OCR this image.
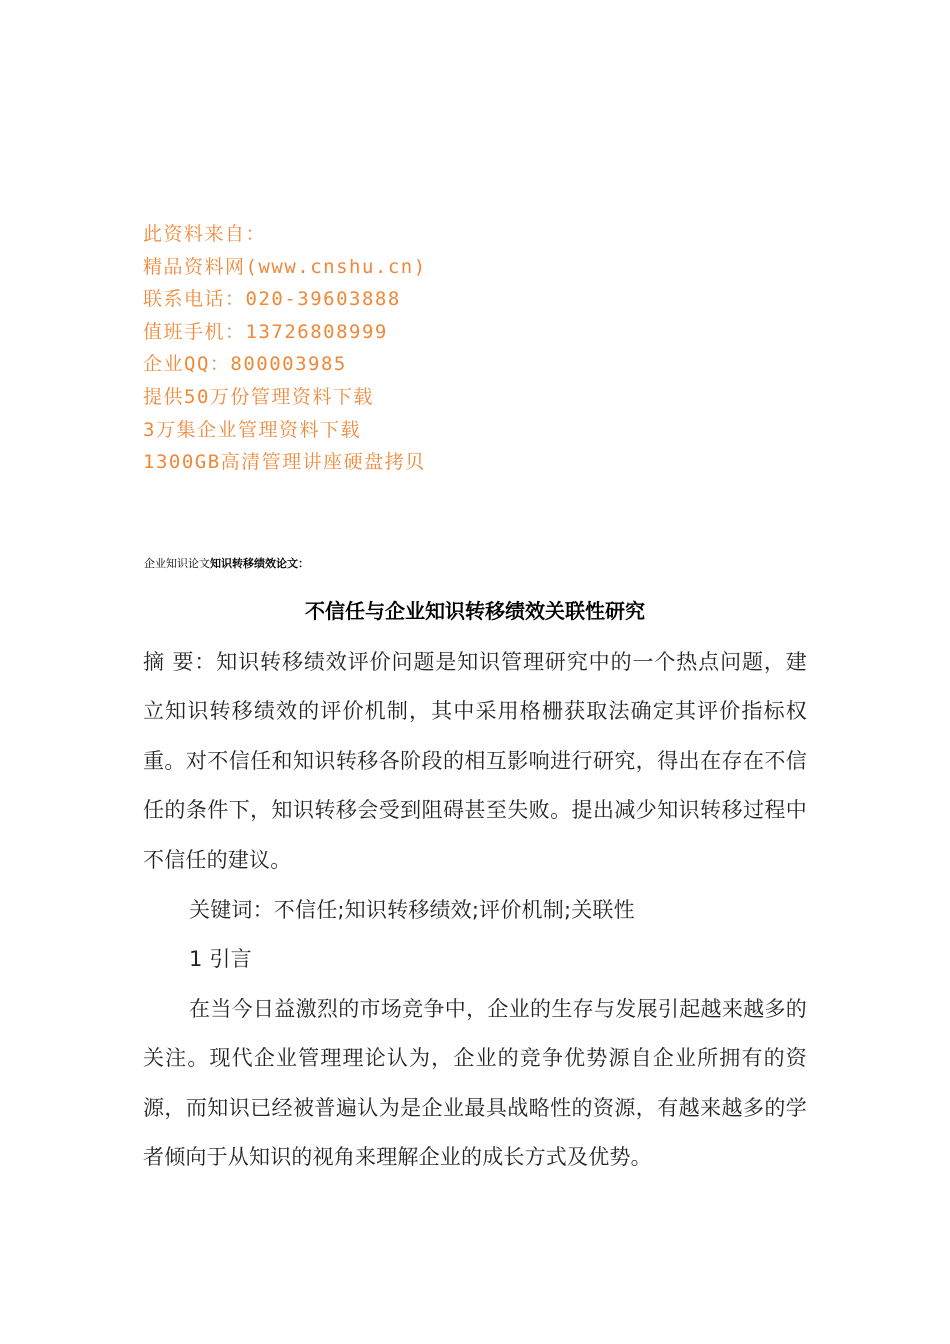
此资料来自：
精品资料网(www.cnshu.cn)
联系电话：020-39603888
值班手机：13726808999
企业QQ：800003985
提供50万份管理资料下载
3万集企业管理资料下载
1300GB高清管理讲座硬盘拷贝
企业知识论文知识转移绩效论文：
不信任与企业知识转移绩效关联性研究
摘 要：知识转移绩效评价问题是知识管理研究中的一个热点问题，建立知识转移绩效的评价机制，其中采用格栅获取法确定其评价指标权重。对不信任和知识转移各阶段的相互影响进行研究，得出在存在不信任的条件下，知识转移会受到阻碍甚至失败。提出减少知识转移过程中不信任的建议。
关键词：不信任;知识转移绩效;评价机制;关联性
1 引言
在当今日益激烈的市场竞争中，企业的生存与发展引起越来越多的关注。现代企业管理理论认为，企业的竞争优势源自企业所拥有的资源，而知识已经被普遍认为是企业最具战略性的资源，有越来越多的学者倾向于从知识的视角来理解企业的成长方式及优势。
